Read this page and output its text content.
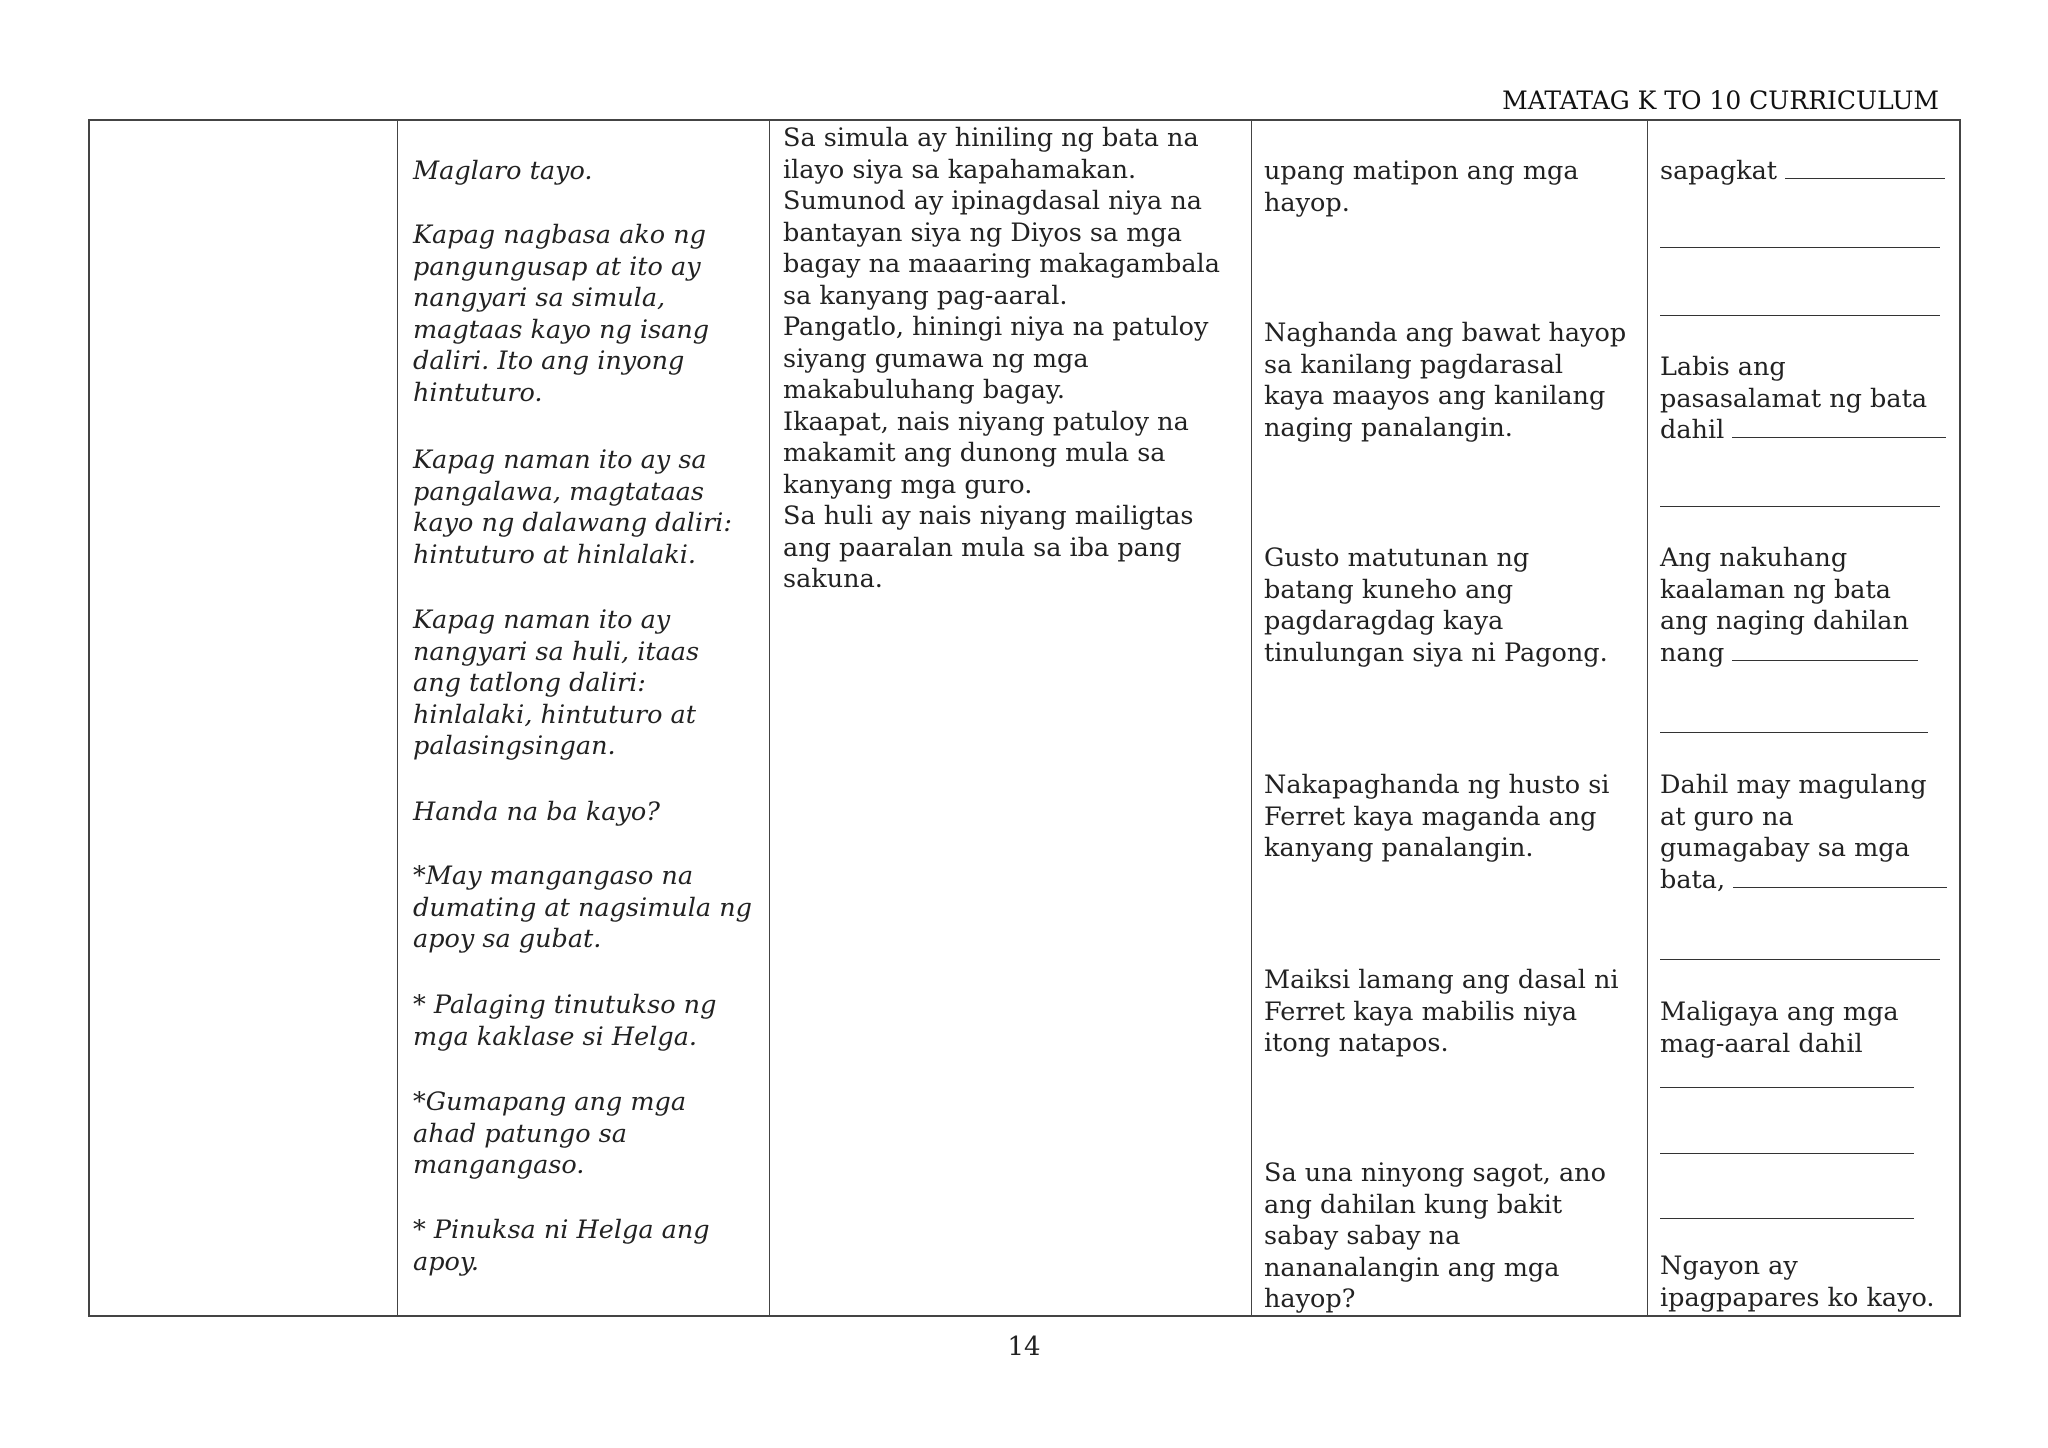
MATATAG K TO 10 CURRICULUM
Maglaro tayo.
Kapag nagbasa ako ng
pangungusap at ito ay
nangyari sa simula,
magtaas kayo ng isang
daliri. Ito ang inyong
hintuturo.
Kapag naman ito ay sa
pangalawa, magtataas
kayo ng dalawang daliri:
hintuturo at hinlalaki.
Kapag naman ito ay
nangyari sa huli, itaas
ang tatlong daliri:
hinlalaki, hintuturo at
palasingsingan.
Handa na ba kayo?
*May mangangaso na
dumating at nagsimula ng
apoy sa gubat.
* Palaging tinutukso ng
mga kaklase si Helga.
*Gumapang ang mga
ahad patungo sa
mangangaso.
* Pinuksa ni Helga ang
apoy.
Sa simula ay hiniling ng bata na
ilayo siya sa kapahamakan.
Sumunod ay ipinagdasal niya na
bantayan siya ng Diyos sa mga
bagay na maaaring makagambala
sa kanyang pag-aaral.
Pangatlo, hiningi niya na patuloy
siyang gumawa ng mga
makabuluhang bagay.
Ikaapat, nais niyang patuloy na
makamit ang dunong mula sa
kanyang mga guro.
Sa huli ay nais niyang mailigtas
ang paaralan mula sa iba pang
sakuna.
upang matipon ang mga
hayop.
Naghanda ang bawat hayop
sa kanilang pagdarasal
kaya maayos ang kanilang
naging panalangin.
Gusto matutunan ng
batang kuneho ang
pagdaragdag kaya
tinulungan siya ni Pagong.
Nakapaghanda ng husto si
Ferret kaya maganda ang
kanyang panalangin.
Maiksi lamang ang dasal ni
Ferret kaya mabilis niya
itong natapos.
Sa una ninyong sagot, ano
ang dahilan kung bakit
sabay sabay na
nananalangin ang mga
hayop?
sapagkat
Labis ang
pasasalamat ng bata
dahil
Ang nakuhang
kaalaman ng bata
ang naging dahilan
nang
Dahil may magulang
at guro na
gumagabay sa mga
bata,
Maligaya ang mga
mag-aaral dahil
Ngayon ay
ipagpapares ko kayo.
14
